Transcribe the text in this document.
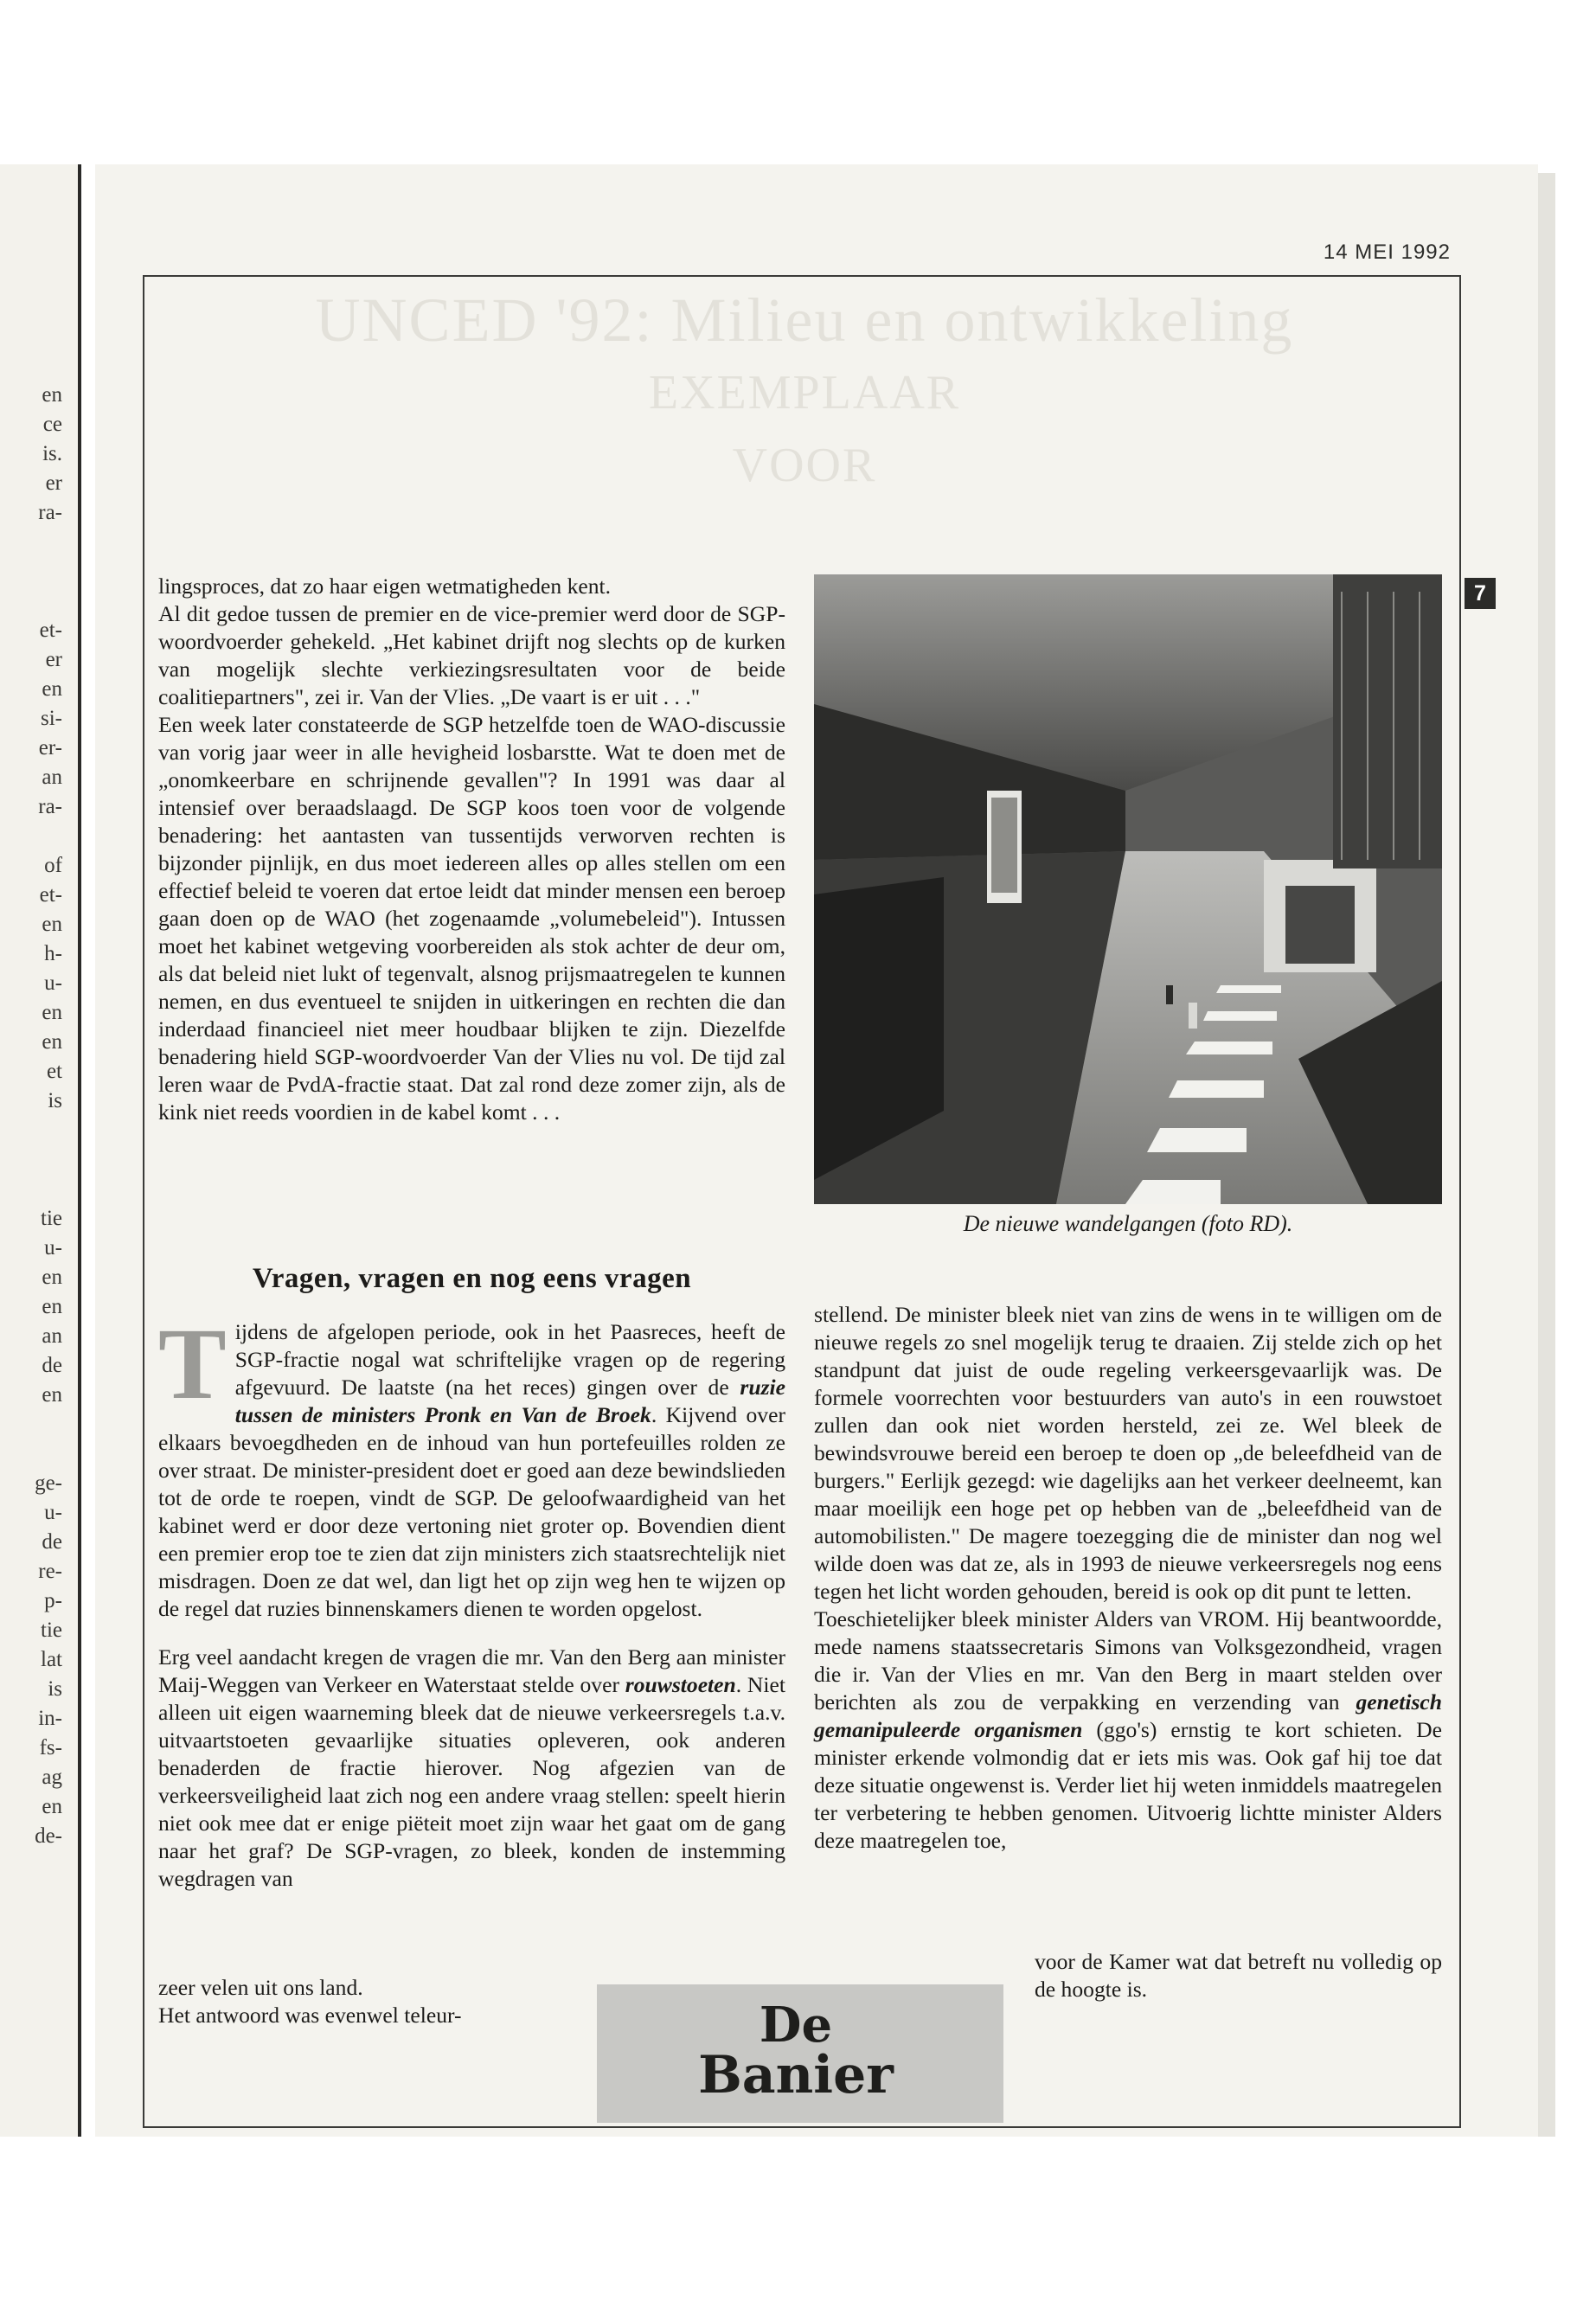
en
ce
is.
er
ra-
et-
er
en
si-
er-
an
ra-
of
et-
en
h-
u-
en
en
et
is
tie
u-
en
en
an
de
en
ge-
u-
de
re-
p-
tie
lat
is
in-
fs-
ag
en
de-
14 MEI 1992
UNCED '92: Milieu en ontwikkeling
EXEMPLAAR
VOOR
7

lingsproces, dat zo haar eigen wetmatigheden kent.

Al dit gedoe tussen de premier en de vice-premier werd door de SGP-woordvoerder gehekeld. „Het kabinet drijft nog slechts op de kurken van mogelijk slechte verkiezingsresultaten voor de beide coalitiepartners", zei ir. Van der Vlies. „De vaart is er uit . . ."

Een week later constateerde de SGP hetzelfde toen de WAO-discussie van vorig jaar weer in alle hevigheid losbarstte. Wat te doen met de „onomkeerbare en schrijnende gevallen"? In 1991 was daar al intensief over beraadslaagd. De SGP koos toen voor de volgende benadering: het aantasten van tussentijds verworven rechten is bijzonder pijnlijk, en dus moet iedereen alles op alles stellen om een effectief beleid te voeren dat ertoe leidt dat minder mensen een beroep gaan doen op de WAO (het zogenaamde „volumebeleid"). Intussen moet het kabinet wetgeving voorbereiden als stok achter de deur om, als dat beleid niet lukt of tegenvalt, alsnog prijsmaatregelen te kunnen nemen, en dus eventueel te snijden in uitkeringen en rechten die dan inderdaad financieel niet meer houdbaar blijken te zijn. Diezelfde benadering hield SGP-woordvoerder Van der Vlies nu vol. De tijd zal leren waar de PvdA-fractie staat. Dat zal rond deze zomer zijn, als de kink niet reeds voordien in de kabel komt . . .

De nieuwe wandelgangen (foto RD).
Vragen, vragen en nog eens vragen

Tijdens de afgelopen periode, ook in het Paasreces, heeft de SGP-fractie nogal wat schriftelijke vragen op de regering afgevuurd. De laatste (na het reces) gingen over de ruzie tussen de ministers Pronk en Van de Broek. Kijvend over elkaars bevoegdheden en de inhoud van hun portefeuilles rolden ze over straat. De minister-president doet er goed aan deze bewindslieden tot de orde te roepen, vindt de SGP. De geloofwaardigheid van het kabinet werd er door deze vertoning niet groter op. Bovendien dient een premier erop toe te zien dat zijn ministers zich staatsrechtelijk niet misdragen. Doen ze dat wel, dan ligt het op zijn weg hen te wijzen op de regel dat ruzies binnenskamers dienen te worden opgelost.

Erg veel aandacht kregen de vragen die mr. Van den Berg aan minister Maij-Weggen van Verkeer en Waterstaat stelde over rouwstoeten. Niet alleen uit eigen waarneming bleek dat de nieuwe verkeersregels t.a.v. uitvaartstoeten gevaarlijke situaties opleveren, ook anderen benaderden de fractie hierover. Nog afgezien van de verkeersveiligheid laat zich nog een andere vraag stellen: speelt hierin niet ook mee dat er enige piëteit moet zijn waar het gaat om de gang naar het graf? De SGP-vragen, zo bleek, konden de instemming wegdragen van

zeer velen uit ons land.

Het antwoord was evenwel teleur-

stellend. De minister bleek niet van zins de wens in te willigen om de nieuwe regels zo snel mogelijk terug te draaien. Zij stelde zich op het standpunt dat juist de oude regeling verkeersgevaarlijk was. De formele voorrechten voor bestuurders van auto's in een rouwstoet zullen dan ook niet worden hersteld, zei ze. Wel bleek de bewindsvrouwe bereid een beroep te doen op „de beleefdheid van de burgers." Eerlijk gezegd: wie dagelijks aan het verkeer deelneemt, kan maar moeilijk een hoge pet op hebben van de „beleefdheid van de automobilisten." De magere toezegging die de minister dan nog wel wilde doen was dat ze, als in 1993 de nieuwe verkeersregels nog eens tegen het licht worden gehouden, bereid is ook op dit punt te letten.

Toeschietelijker bleek minister Alders van VROM. Hij beantwoordde, mede namens staatssecretaris Simons van Volksgezondheid, vragen die ir. Van der Vlies en mr. Van den Berg in maart stelden over berichten als zou de verpakking en verzending van genetisch gemanipuleerde organismen (ggo's) ernstig te kort schieten. De minister erkende volmondig dat er iets mis was. Ook gaf hij toe dat deze situatie ongewenst is. Verder liet hij weten inmiddels maatregelen ter verbetering te hebben genomen. Uitvoerig lichtte minister Alders deze maatregelen toe,

voor de Kamer wat dat betreft nu volledig op de hoogte is.

De
Banier
